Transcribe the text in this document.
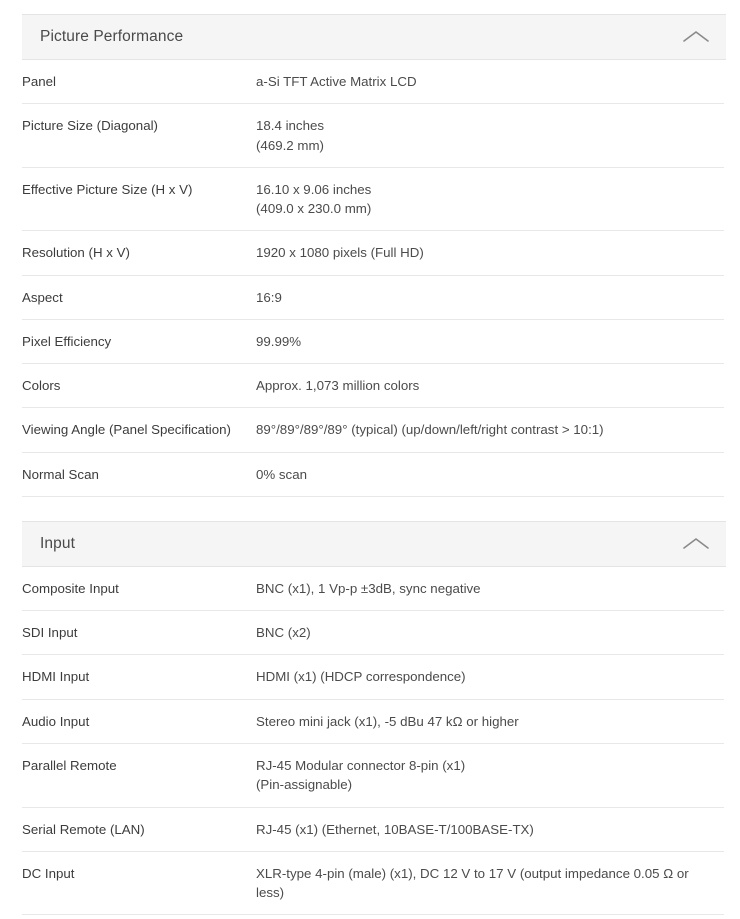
Picture Performance
Panel	a-Si TFT Active Matrix LCD

Picture Size (Diagonal)	18.4 inches
(469.2 mm)

Effective Picture Size (H x V)	16.10 x 9.06 inches
(409.0 x 230.0 mm)

Resolution (H x V)	1920 x 1080 pixels (Full HD)

Aspect	16:9

Pixel Efficiency	99.99%

Colors	Approx. 1,073 million colors

Viewing Angle (Panel Specification)	89°/89°/89°/89° (typical) (up/down/left/right contrast > 10:1)

Normal Scan	0% scan
Input
Composite Input	BNC (x1), 1 Vp-p ±3dB, sync negative

SDI Input	BNC (x2)

HDMI Input	HDMI (x1) (HDCP correspondence)

Audio Input	Stereo mini jack (x1), -5 dBu 47 kΩ or higher

Parallel Remote	RJ-45 Modular connector 8-pin (x1)
(Pin-assignable)

Serial Remote (LAN)	RJ-45 (x1) (Ethernet, 10BASE-T/100BASE-TX)

DC Input	XLR-type 4-pin (male) (x1), DC 12 V to 17 V (output impedance 0.05 Ω or less)
